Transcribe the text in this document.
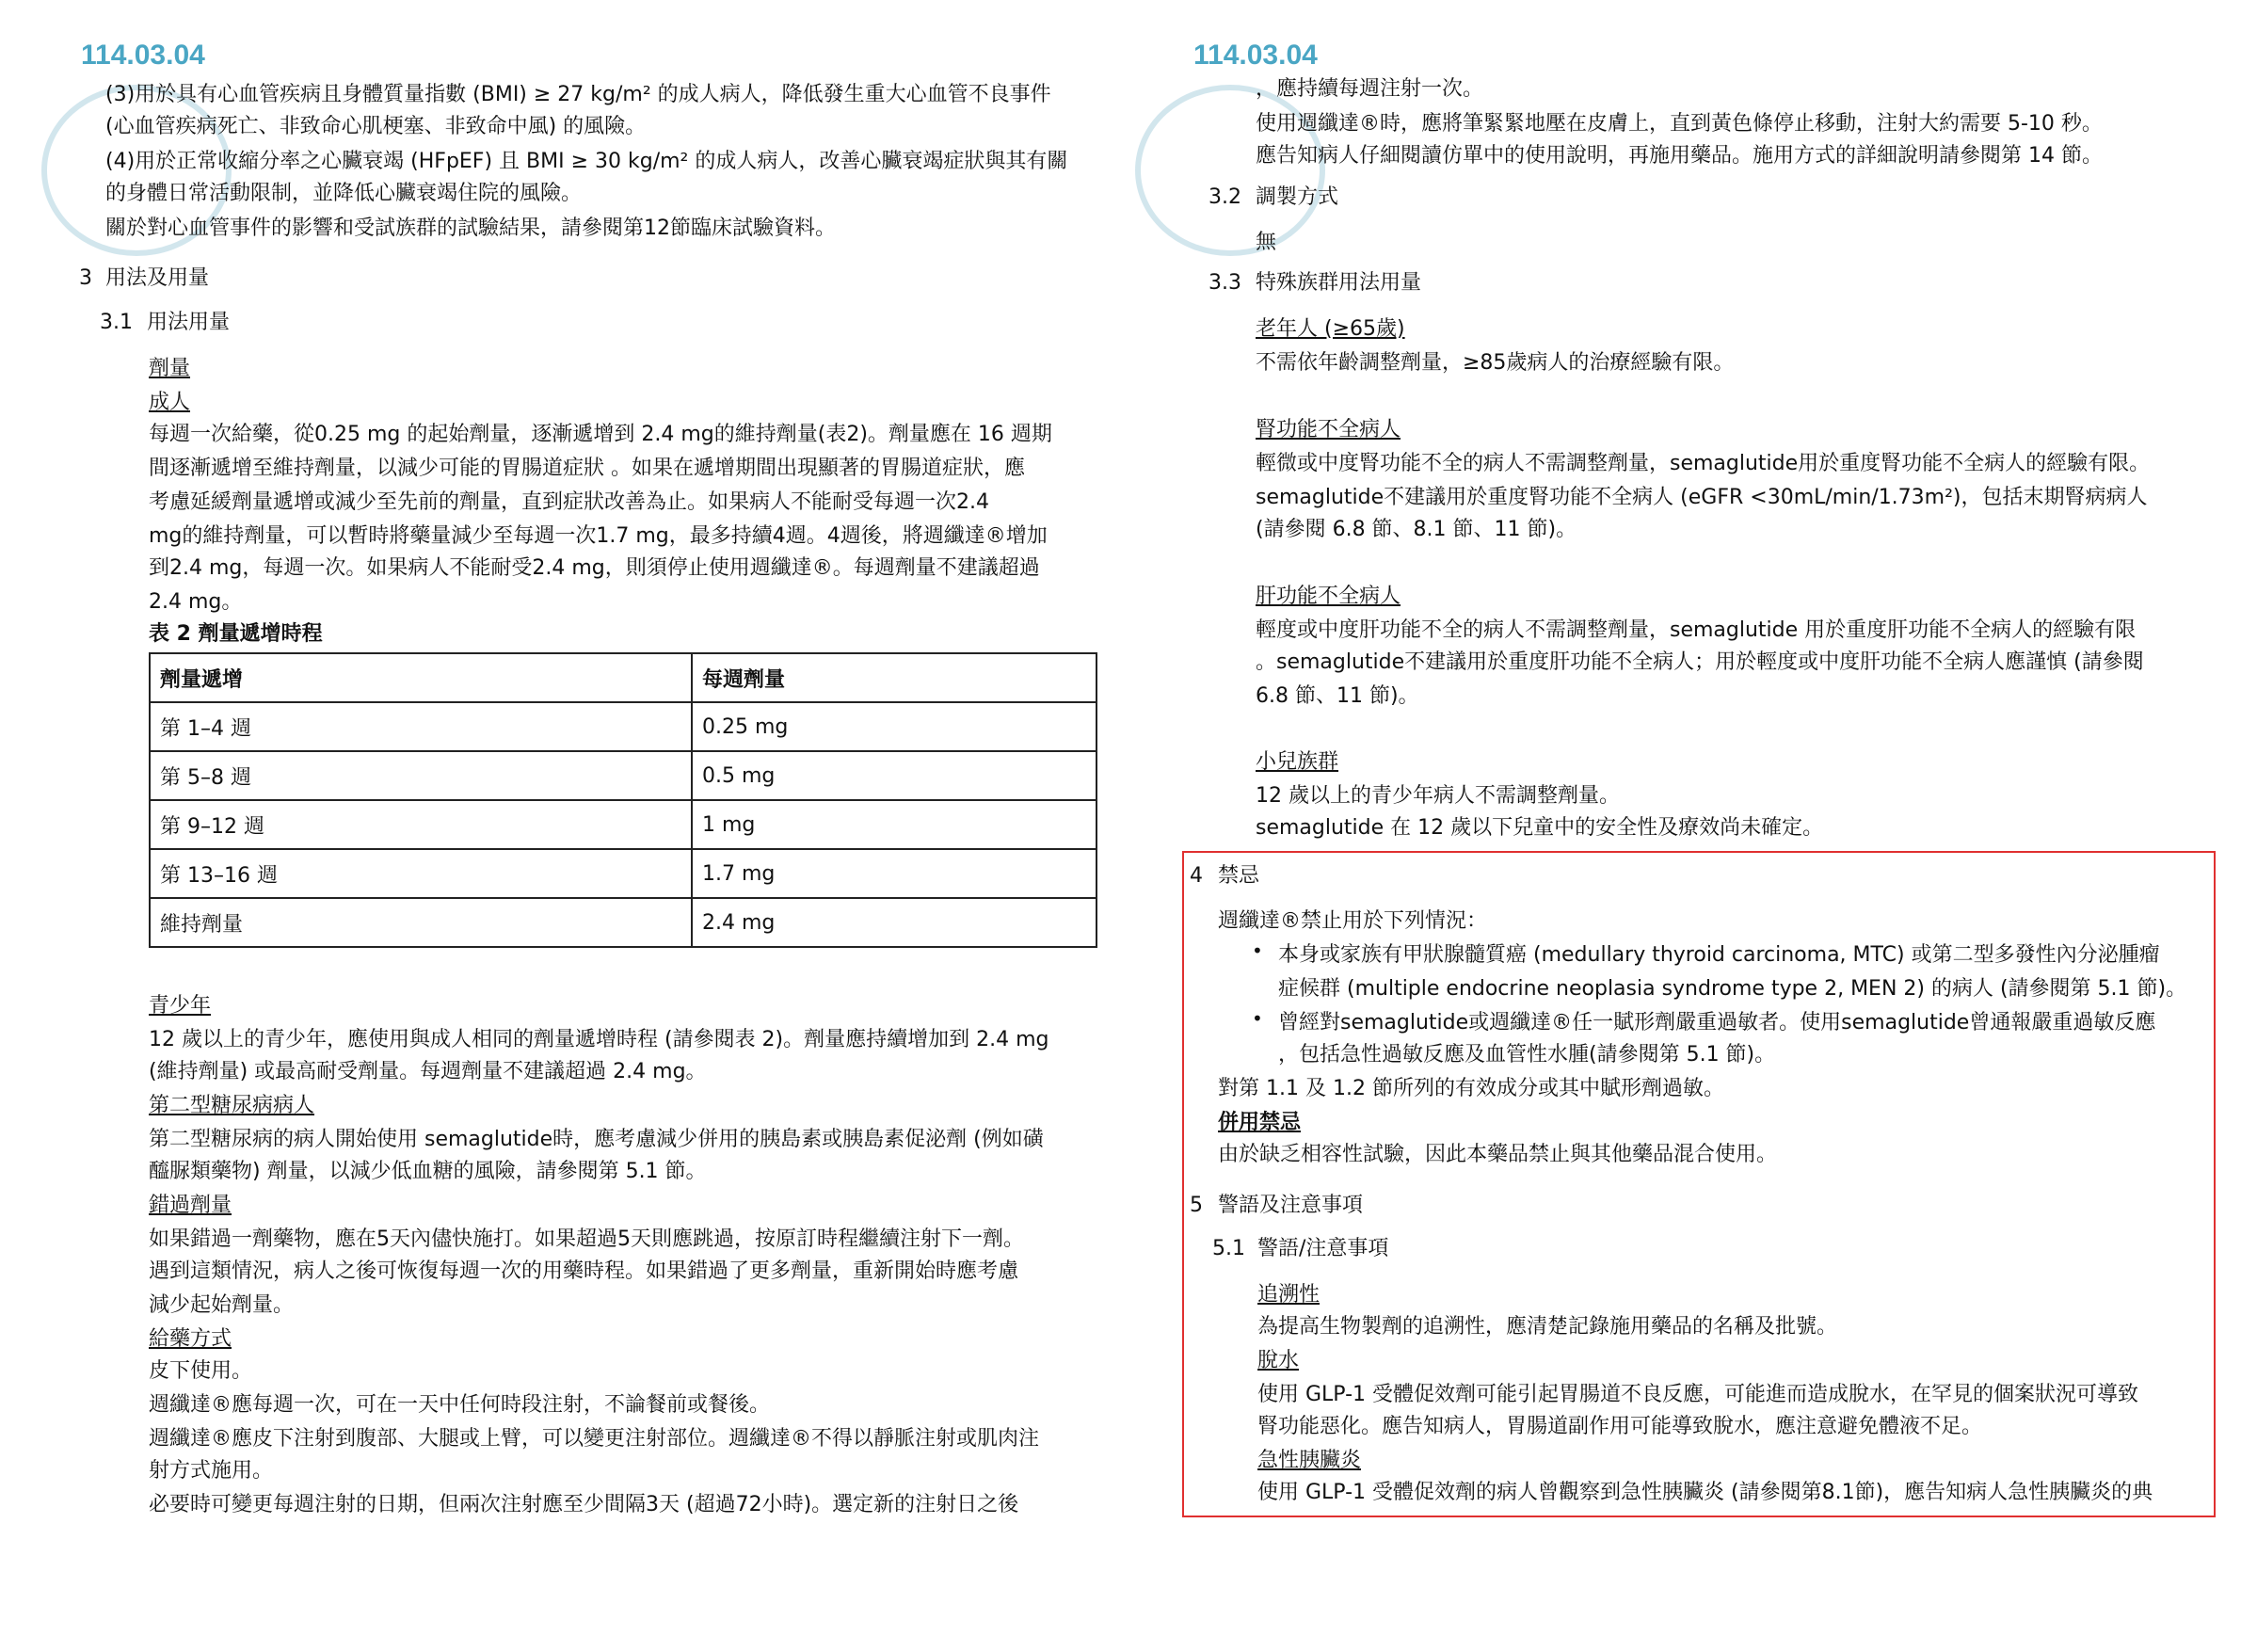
114.03.04
(3)用於具有心血管疾病且身體質量指數 (BMI) ≥ 27 kg/m² 的成人病人，降低發生重大心血管不良事件
(心血管疾病死亡、非致命心肌梗塞、非致命中風) 的風險。
(4)用於正常收縮分率之心臟衰竭 (HFpEF) 且 BMI ≥ 30 kg/m² 的成人病人，改善心臟衰竭症狀與其有關
的身體日常活動限制，並降低心臟衰竭住院的風險。
關於對心血管事件的影響和受試族群的試驗結果，請參閱第12節臨床試驗資料。
3 用法及用量
3.1 用法用量
劑量
成人
每週一次給藥，從0.25 mg 的起始劑量，逐漸遞增到 2.4 mg的維持劑量(表2)。劑量應在 16 週期
間逐漸遞增至維持劑量，以減少可能的胃腸道症狀 。如果在遞增期間出現顯著的胃腸道症狀，應
考慮延緩劑量遞增或減少至先前的劑量，直到症狀改善為止。如果病人不能耐受每週一次2.4
mg的維持劑量，可以暫時將藥量減少至每週一次1.7 mg，最多持續4週。4週後，將週纖達®增加
到2.4 mg，每週一次。如果病人不能耐受2.4 mg，則須停止使用週纖達®。每週劑量不建議超過
2.4 mg。
表 2 劑量遞增時程
劑量遞增	每週劑量
第 1–4 週	0.25 mg
第 5–8 週	0.5 mg
第 9–12 週	1 mg
第 13–16 週	1.7 mg
維持劑量	2.4 mg
青少年
12 歲以上的青少年，應使用與成人相同的劑量遞增時程 (請參閱表 2)。劑量應持續增加到 2.4 mg
(維持劑量) 或最高耐受劑量。每週劑量不建議超過 2.4 mg。
第二型糖尿病病人
第二型糖尿病的病人開始使用 semaglutide時，應考慮減少併用的胰島素或胰島素促泌劑 (例如磺
醯脲類藥物) 劑量，以減少低血糖的風險，請參閱第 5.1 節。
錯過劑量
如果錯過一劑藥物，應在5天內儘快施打。如果超過5天則應跳過，按原訂時程繼續注射下一劑。
遇到這類情況，病人之後可恢復每週一次的用藥時程。如果錯過了更多劑量，重新開始時應考慮
減少起始劑量。
給藥方式
皮下使用。
週纖達®應每週一次，可在一天中任何時段注射，不論餐前或餐後。
週纖達®應皮下注射到腹部、大腿或上臂，可以變更注射部位。週纖達®不得以靜脈注射或肌肉注
射方式施用。
必要時可變更每週注射的日期，但兩次注射應至少間隔3天 (超過72小時)。選定新的注射日之後
114.03.04
，應持續每週注射一次。
使用週纖達®時，應將筆緊緊地壓在皮膚上，直到黃色條停止移動，注射大約需要 5-10 秒。
應告知病人仔細閱讀仿單中的使用說明，再施用藥品。施用方式的詳細說明請參閱第 14 節。
3.2 調製方式
無
3.3 特殊族群用法用量
老年人 (≥65歲)
不需依年齡調整劑量，≥85歲病人的治療經驗有限。
腎功能不全病人
輕微或中度腎功能不全的病人不需調整劑量，semaglutide用於重度腎功能不全病人的經驗有限。
semaglutide不建議用於重度腎功能不全病人 (eGFR <30mL/min/1.73m²)，包括末期腎病病人
(請參閱 6.8 節、8.1 節、11 節)。
肝功能不全病人
輕度或中度肝功能不全的病人不需調整劑量，semaglutide 用於重度肝功能不全病人的經驗有限
。semaglutide不建議用於重度肝功能不全病人；用於輕度或中度肝功能不全病人應謹慎 (請參閱
6.8 節、11 節)。
小兒族群
12 歲以上的青少年病人不需調整劑量。
semaglutide 在 12 歲以下兒童中的安全性及療效尚未確定。
4 禁忌
週纖達®禁止用於下列情況：
• 本身或家族有甲狀腺髓質癌 (medullary thyroid carcinoma, MTC) 或第二型多發性內分泌腫瘤
症候群 (multiple endocrine neoplasia syndrome type 2, MEN 2) 的病人 (請參閱第 5.1 節)。
• 曾經對semaglutide或週纖達®任一賦形劑嚴重過敏者。使用semaglutide曾通報嚴重過敏反應
，包括急性過敏反應及血管性水腫(請參閱第 5.1 節)。
對第 1.1 及 1.2 節所列的有效成分或其中賦形劑過敏。
併用禁忌
由於缺乏相容性試驗，因此本藥品禁止與其他藥品混合使用。
5 警語及注意事項
5.1 警語/注意事項
追溯性
為提高生物製劑的追溯性，應清楚記錄施用藥品的名稱及批號。
脫水
使用 GLP-1 受體促效劑可能引起胃腸道不良反應，可能進而造成脫水，在罕見的個案狀況可導致
腎功能惡化。應告知病人，胃腸道副作用可能導致脫水，應注意避免體液不足。
急性胰臟炎
使用 GLP-1 受體促效劑的病人曾觀察到急性胰臟炎 (請參閱第8.1節)，應告知病人急性胰臟炎的典
